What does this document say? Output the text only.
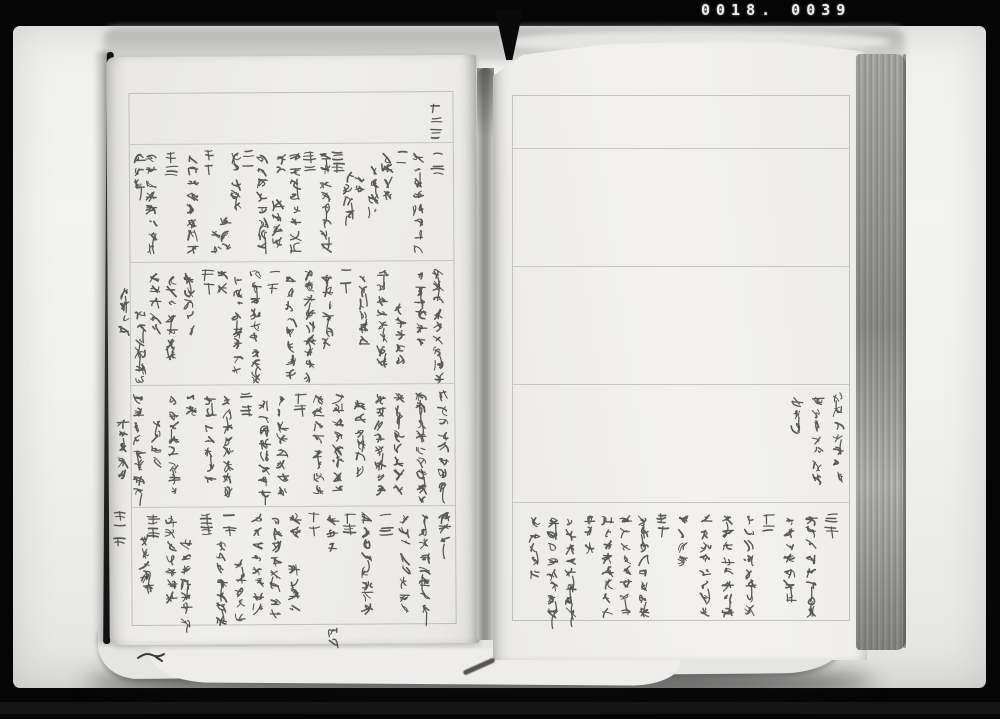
0018. 0039
